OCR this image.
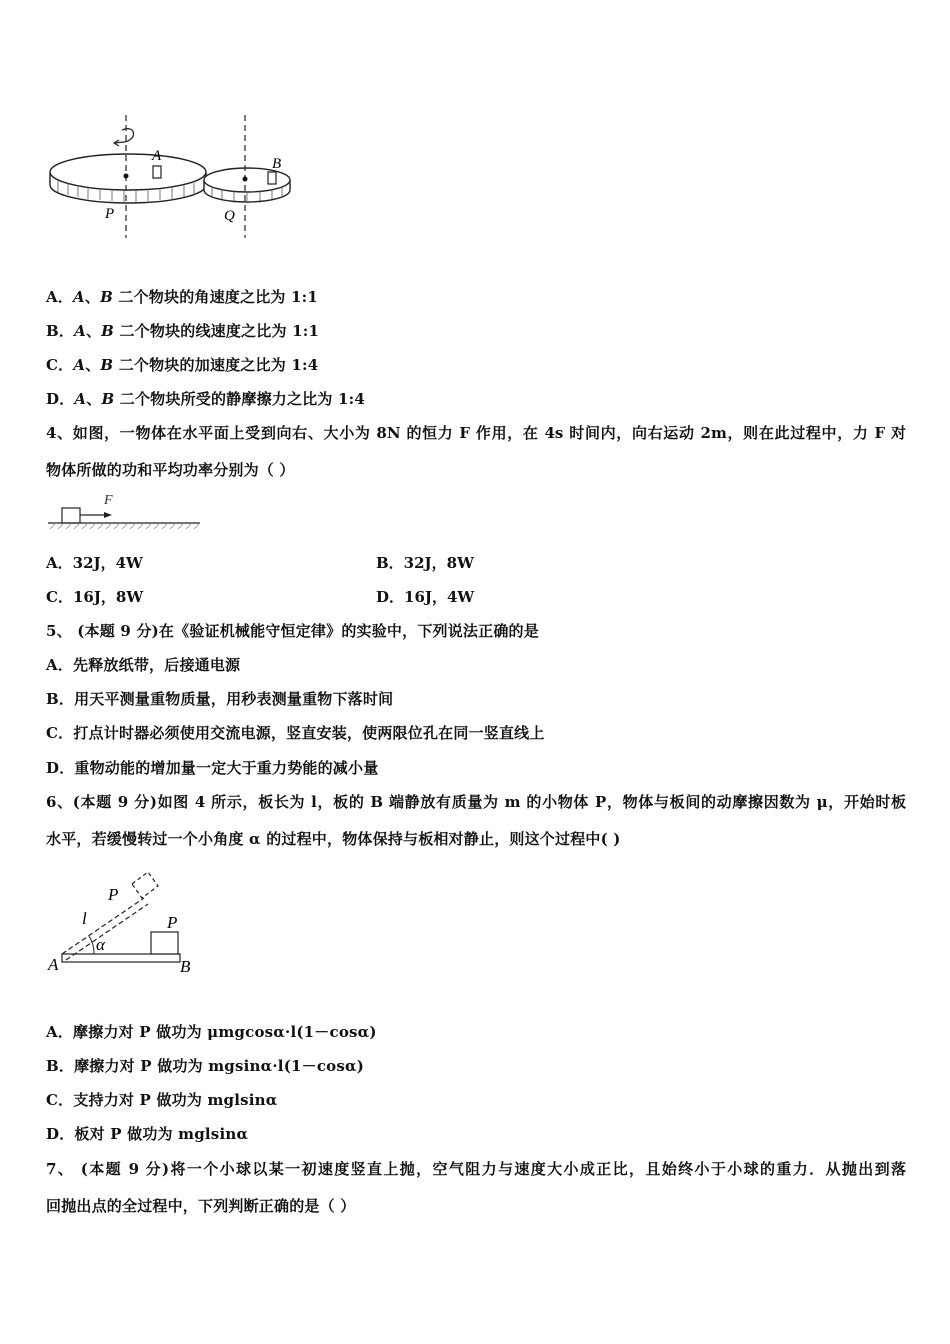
A	B
P	Q
A．A、B 二个物块的角速度之比为 1:1
B．A、B 二个物块的线速度之比为 1:1
C．A、B 二个物块的加速度之比为 1:4
D．A、B 二个物块所受的静摩擦力之比为 1:4
4、如图，一物体在水平面上受到向右、大小为 8N 的恒力 F 作用，在 4s 时间内，向右运动 2m，则在此过程中，力 F 对
物体所做的功和平均功率分别为（ ）
F
A．32J，4W	B．32J，8W
C．16J，8W	D．16J，4W
5、 (本题 9 分)在《验证机械能守恒定律》的实验中，下列说法正确的是
A．先释放纸带，后接通电源
B．用天平测量重物质量，用秒表测量重物下落时间
C．打点计时器必须使用交流电源，竖直安装，使两限位孔在同一竖直线上
D．重物动能的增加量一定大于重力势能的减小量
6、(本题 9 分)如图 4 所示，板长为 l，板的 B 端静放有质量为 m 的小物体 P，物体与板间的动摩擦因数为 μ，开始时板
水平，若缓慢转过一个小角度 α 的过程中，物体保持与板相对静止，则这个过程中( )
P
l
α
P
A	B
A．摩擦力对 P 做功为 μmgcosα·l(1－cosα)
B．摩擦力对 P 做功为 mgsinα·l(1－cosα)
C．支持力对 P 做功为 mglsinα
D．板对 P 做功为 mglsinα
7、 (本题 9 分)将一个小球以某一初速度竖直上抛，空气阻力与速度大小成正比，且始终小于小球的重力．从抛出到落
回抛出点的全过程中，下列判断正确的是（ ）
